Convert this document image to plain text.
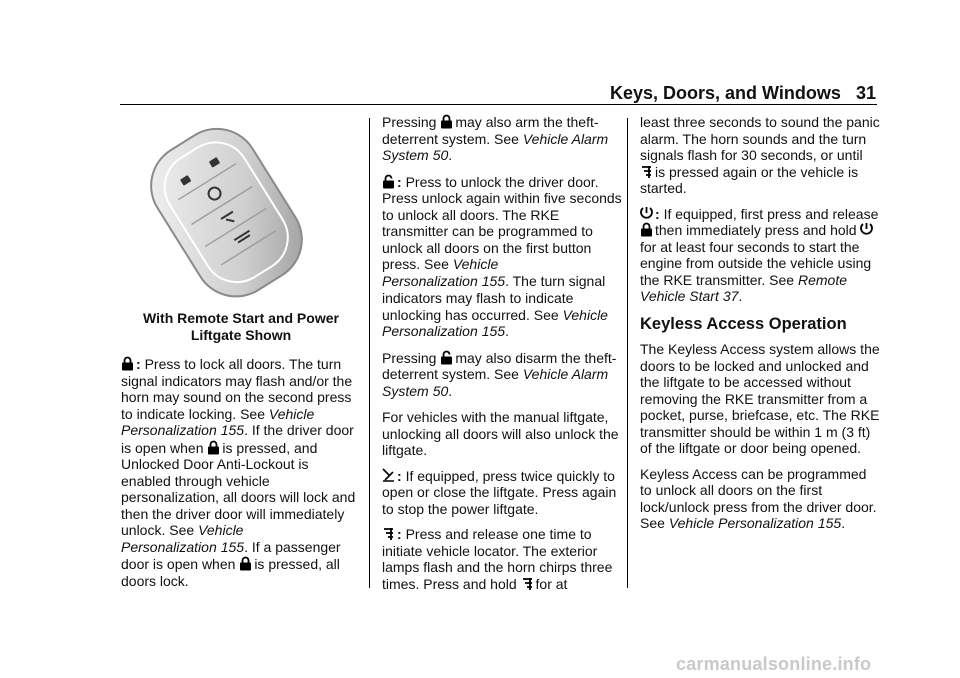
Keys, Doors, and Windows 31
With Remote Start and Power Liftgate Shown

: Press to lock all doors. The turn signal indicators may flash and/or the horn may sound on the second press to indicate locking. See Vehicle Personalization 155. If the driver door is open when is pressed, and Unlocked Door Anti-Lockout is enabled through vehicle personalization, all doors will lock and then the driver door will immediately unlock. See Vehicle Personalization 155. If a passenger door is open when is pressed, all doors lock.

Pressing may also arm the theft-deterrent system. See Vehicle Alarm System 50.

: Press to unlock the driver door. Press unlock again within five seconds to unlock all doors. The RKE transmitter can be programmed to unlock all doors on the first button press. See Vehicle Personalization 155. The turn signal indicators may flash to indicate unlocking has occurred. See Vehicle Personalization 155.

Pressing may also disarm the theft-deterrent system. See Vehicle Alarm System 50.

For vehicles with the manual liftgate, unlocking all doors will also unlock the liftgate.

: If equipped, press twice quickly to open or close the liftgate. Press again to stop the power liftgate.

: Press and release one time to initiate vehicle locator. The exterior lamps flash and the horn chirps three times. Press and hold for at

least three seconds to sound the panic alarm. The horn sounds and the turn signals flash for 30 seconds, or until is pressed again or the vehicle is started.

: If equipped, first press and release then immediately press and hold for at least four seconds to start the engine from outside the vehicle using the RKE transmitter. See Remote Vehicle Start 37.

Keyless Access Operation

The Keyless Access system allows the doors to be locked and unlocked and the liftgate to be accessed without removing the RKE transmitter from a pocket, purse, briefcase, etc. The RKE transmitter should be within 1 m (3 ft) of the liftgate or door being opened.

Keyless Access can be programmed to unlock all doors on the first lock/unlock press from the driver door. See Vehicle Personalization 155.

carmanualsonline.info
